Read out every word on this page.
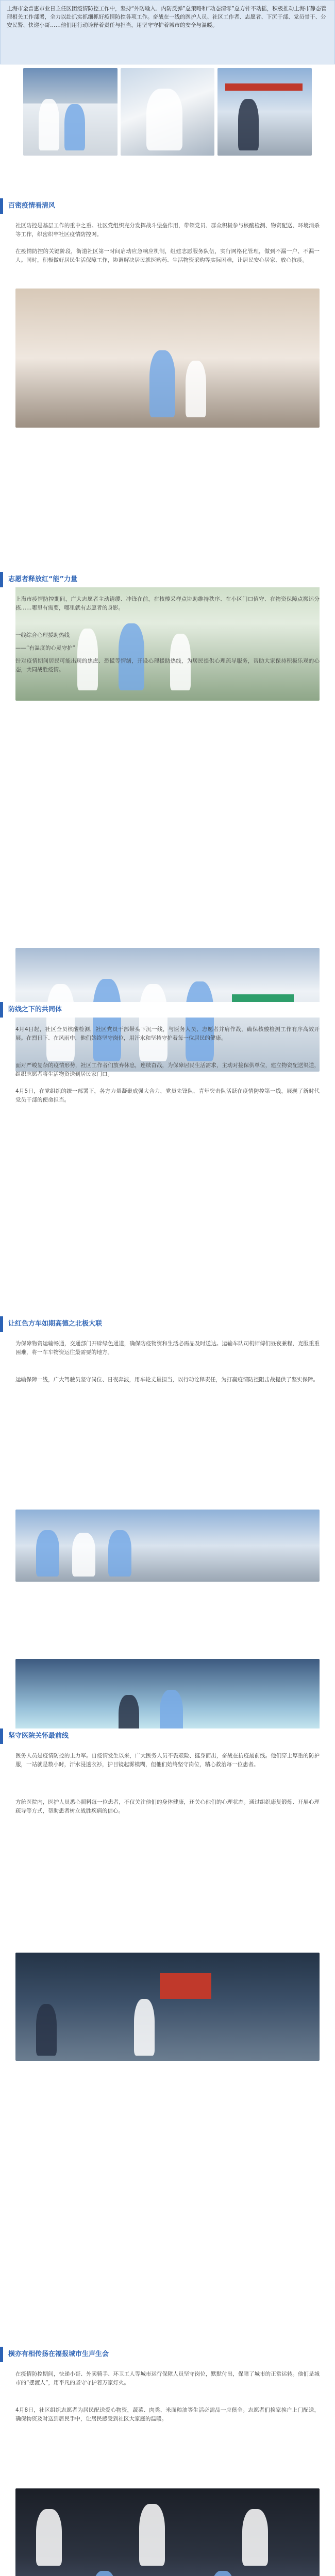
上海市金普惠市业日主任区团疫情防控工作中，坚持“外防输入、内防反弹”总策略和“动态清零”总方针不动摇，积极推动上海市静态管理相关工作部署，全力以赴抓实抓细抓好疫情防控各项工作。奋战在一线的医护人员、社区工作者、志愿者、下沉干部、党员骨干、公安民警、快递小哥……他们用行动诠释着责任与担当，用坚守守护着城市的安全与温暖。
百密疫情看清风
社区防控是基层工作的重中之重。社区党组织充分发挥战斗堡垒作用，带领党员、群众积极参与核酸检测、物资配送、环境消杀等工作，织密织牢社区疫情防控网。
在疫情防控的关键阶段，街道社区第一时间启动应急响应机制，组建志愿服务队伍，实行网格化管理，做到不漏一户、不漏一人。同时，积极做好居民生活保障工作，协调解决居民就医购药、生活物资采购等实际困难，让居民安心居家、放心抗疫。
志愿者释放红“能”力量
上海市疫情防控期间，广大志愿者主动请缨、冲锋在前，在核酸采样点协助维持秩序、在小区门口值守、在物资保障点搬运分拣……哪里有需要，哪里就有志愿者的身影。
一线综合心理援助热线
——“有温度的心灵守护”
针对疫情期间居民可能出现的焦虑、恐慌等情绪，开设心理援助热线，为居民提供心理疏导服务，帮助大家保持积极乐观的心态，共同战胜疫情。
防线之下的共同体
4月4日起，社区全员核酸检测，社区党员干部带头下沉一线，与医务人员、志愿者并肩作战，确保核酸检测工作有序高效开展。在烈日下、在风雨中，他们始终坚守岗位，用汗水和坚持守护着每一位居民的健康。
面对严峻复杂的疫情形势，社区工作者们放弃休息，连续奋战，为保障居民生活需求，主动对接保供单位，建立物资配送渠道，组织志愿者将生活物资送到居民家门口。
4月5日，在党组织的统一部署下，各方力量凝聚成强大合力，党员先锋队、青年突击队活跃在疫情防控第一线，展现了新时代党员干部的使命担当。
让红色方车如期高德之北极大联
为保障物资运输畅通，交通部门开辟绿色通道，确保防疫物资和生活必需品及时送达。运输车队司机师傅们昼夜兼程，克服重重困难，将一车车物资运往最需要的地方。
运输保障一线，广大驾驶员坚守岗位、日夜奔波，用车轮丈量担当，以行动诠释责任，为打赢疫情防控阻击战提供了坚实保障。
坚守医院关怀最前线
医务人员是疫情防控的主力军。自疫情发生以来，广大医务人员不畏艰险、挺身而出，奋战在抗疫最前线。他们穿上厚重的防护服，一站就是数小时，汗水浸透衣衫，护目镜起雾模糊，但他们始终坚守岗位，精心救治每一位患者。
方舱医院内，医护人员悉心照料每一位患者，不仅关注他们的身体健康，还关心他们的心理状态。通过组织康复锻炼、开展心理疏导等方式，帮助患者树立战胜疾病的信心。
横亦有相传扬在福报城市生声生会
在疫情防控期间，快递小哥、外卖骑手、环卫工人等城市运行保障人员坚守岗位，默默付出，保障了城市的正常运转。他们是城市的“摆渡人”，用平凡的坚守守护着万家灯火。
4月8日，社区组织志愿者为居民配送爱心物资，蔬菜、肉类、米面粮油等生活必需品一应俱全。志愿者们挨家挨户上门配送，确保物资及时送到居民手中，让居民感受到社区大家庭的温暖。
